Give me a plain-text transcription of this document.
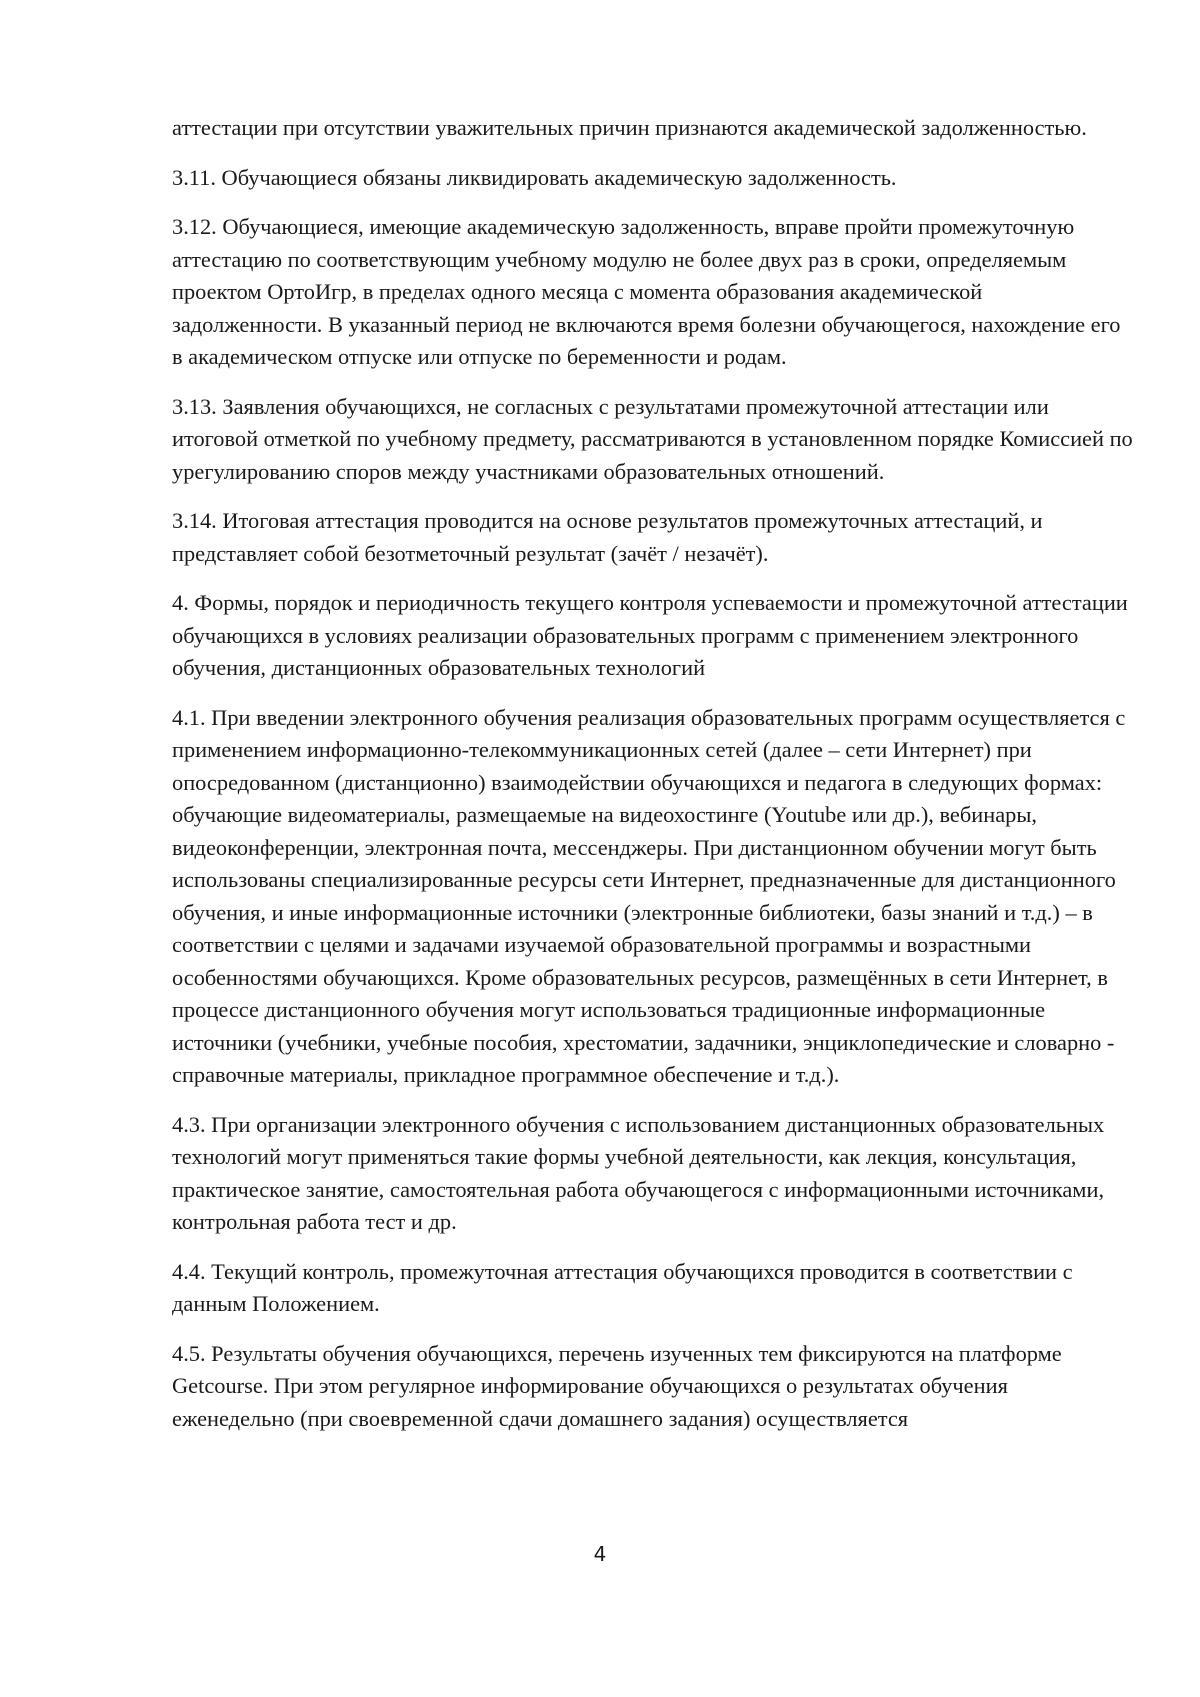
аттестации при отсутствии уважительных причин признаются академической задолженностью.

3.11. Обучающиеся обязаны ликвидировать академическую задолженность.

3.12. Обучающиеся, имеющие академическую задолженность, вправе пройти промежуточную аттестацию по соответствующим учебному модулю не более двух раз в сроки, определяемым проектом ОртоИгр, в пределах одного месяца с момента образования академической задолженности. В указанный период не включаются время болезни обучающегося, нахождение его в академическом отпуске или отпуске по беременности и родам.

3.13. Заявления обучающихся, не согласных с результатами промежуточной аттестации или итоговой отметкой по учебному предмету, рассматриваются в установленном порядке Комиссией по урегулированию споров между участниками образовательных отношений.

3.14. Итоговая аттестация проводится на основе результатов промежуточных аттестаций, и представляет собой безотметочный результат (зачёт / незачёт).

4. Формы, порядок и периодичность текущего контроля успеваемости и промежуточной аттестации обучающихся в условиях реализации образовательных программ с применением электронного обучения, дистанционных образовательных технологий

4.1. При введении электронного обучения реализация образовательных программ осуществляется с применением информационно-телекоммуникационных сетей (далее – сети Интернет) при опосредованном (дистанционно) взаимодействии обучающихся и педагога в следующих формах: обучающие видеоматериалы, размещаемые на видеохостинге (Youtube или др.), вебинары, видеоконференции, электронная почта, мессенджеры. При дистанционном обучении могут быть использованы специализированные ресурсы сети Интернет, предназначенные для дистанционного обучения, и иные информационные источники (электронные библиотеки, базы знаний и т.д.) – в соответствии с целями и задачами изучаемой образовательной программы и возрастными особенностями обучающихся. Кроме образовательных ресурсов, размещённых в сети Интернет, в процессе дистанционного обучения могут использоваться традиционные информационные источники (учебники, учебные пособия, хрестоматии, задачники, энциклопедические и словарно - справочные материалы, прикладное программное обеспечение и т.д.).

4.3. При организации электронного обучения с использованием дистанционных образовательных технологий могут применяться такие формы учебной деятельности, как лекция, консультация, практическое занятие, самостоятельная работа обучающегося с информационными источниками, контрольная работа тест и др.

4.4. Текущий контроль, промежуточная аттестация обучающихся проводится в соответствии с данным Положением.

4.5. Результаты обучения обучающихся, перечень изученных тем фиксируются на платформе Getcourse. При этом регулярное информирование обучающихся о результатах обучения еженедельно (при своевременной сдачи домашнего задания) осуществляется

4
